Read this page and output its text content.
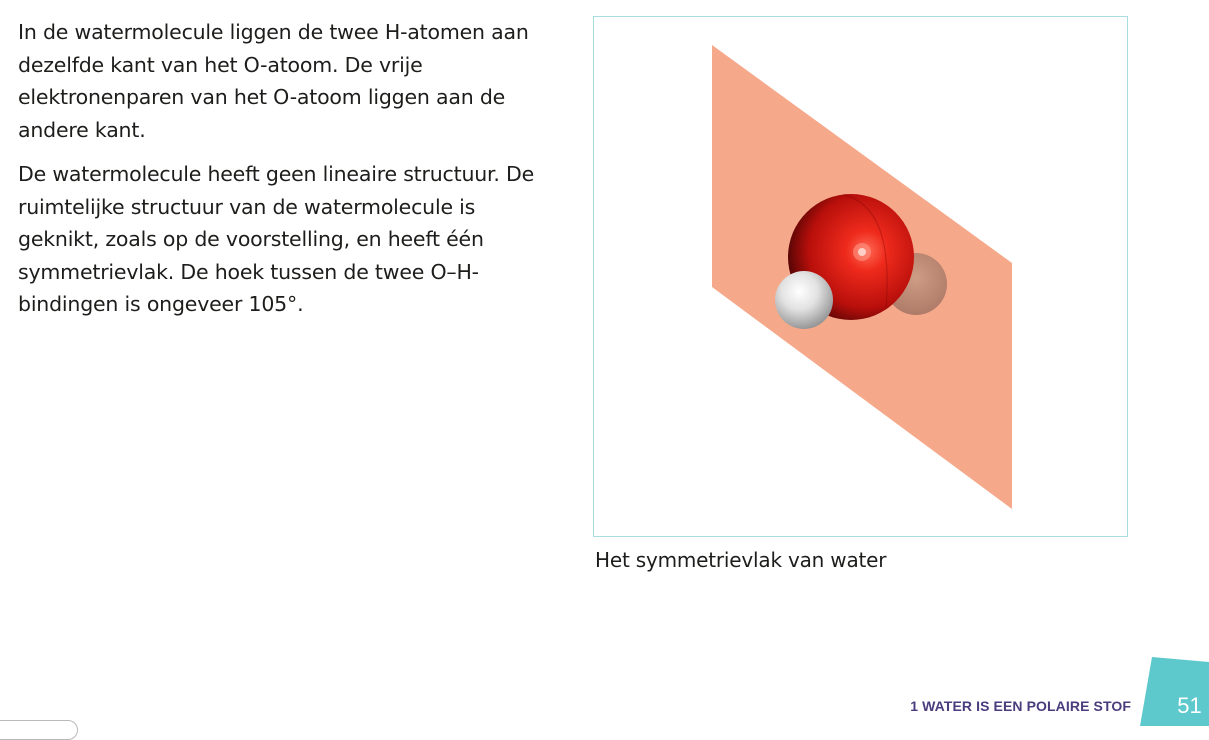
In de watermolecule liggen de twee H-atomen aan dezelfde kant van het O-atoom. De vrije elektronenparen van het O-atoom liggen aan de andere kant.

De watermolecule heeft geen lineaire structuur. De ruimtelijke structuur van de watermolecule is geknikt, zoals op de voorstelling, en heeft één symmetrievlak. De hoek tussen de twee O–H-bindingen is ongeveer 105°.

Het symmetrievlak van water
1 WATER IS EEN POLAIRE STOF	51
